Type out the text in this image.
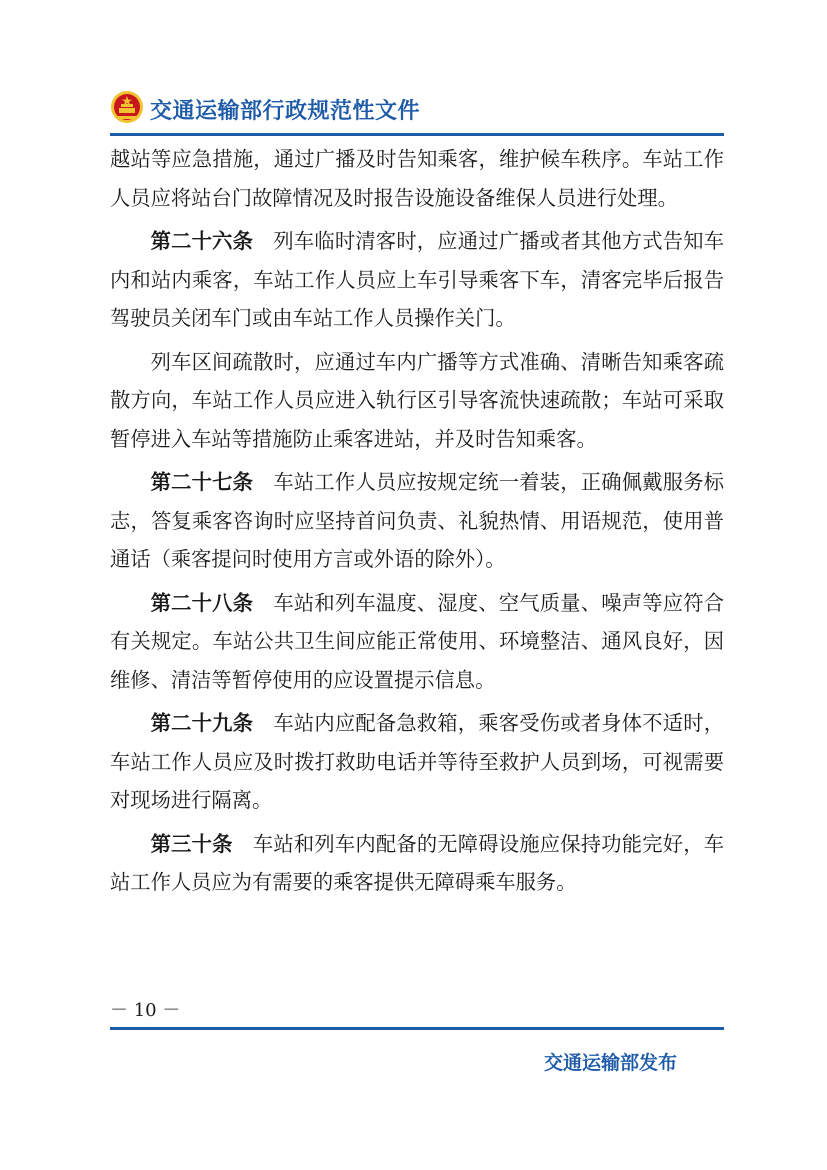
交通运输部行政规范性文件

越站等应急措施，通过广播及时告知乘客，维护候车秩序。车站工作人员应将站台门故障情况及时报告设施设备维保人员进行处理。

第二十六条 列车临时清客时，应通过广播或者其他方式告知车内和站内乘客，车站工作人员应上车引导乘客下车，清客完毕后报告驾驶员关闭车门或由车站工作人员操作关门。

列车区间疏散时，应通过车内广播等方式准确、清晰告知乘客疏散方向，车站工作人员应进入轨行区引导客流快速疏散；车站可采取暂停进入车站等措施防止乘客进站，并及时告知乘客。

第二十七条 车站工作人员应按规定统一着装，正确佩戴服务标志，答复乘客咨询时应坚持首问负责、礼貌热情、用语规范，使用普通话（乘客提问时使用方言或外语的除外）。

第二十八条 车站和列车温度、湿度、空气质量、噪声等应符合有关规定。车站公共卫生间应能正常使用、环境整洁、通风良好，因维修、清洁等暂停使用的应设置提示信息。

第二十九条 车站内应配备急救箱，乘客受伤或者身体不适时，车站工作人员应及时拨打救助电话并等待至救护人员到场，可视需要对现场进行隔离。

第三十条 车站和列车内配备的无障碍设施应保持功能完好，车站工作人员应为有需要的乘客提供无障碍乘车服务。

－ 10 －
交通运输部发布
